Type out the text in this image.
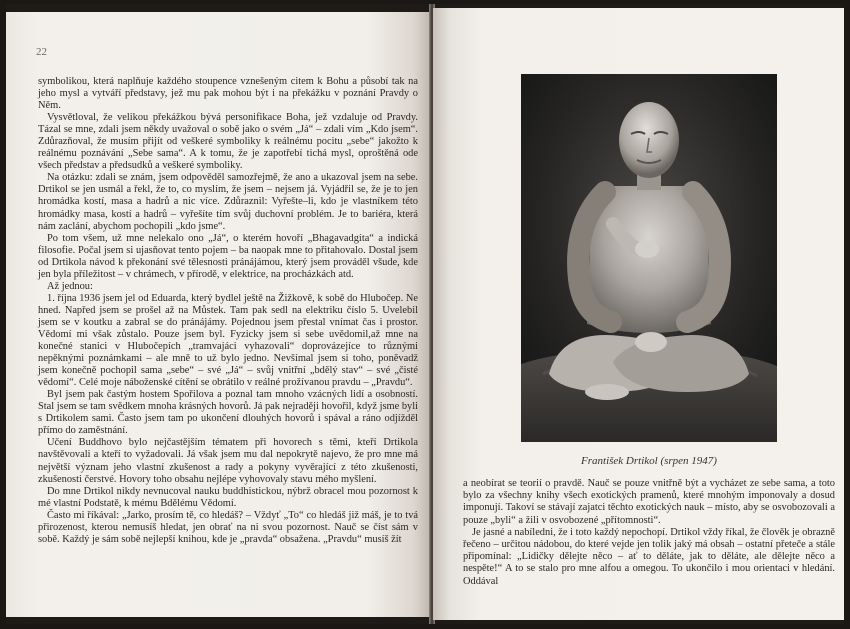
22

symbolikou, která naplňuje každého stoupence vznešeným citem k Bohu a působí tak na jeho mysl a vytváří představy, jež mu pak mohou být i na překážku v poznání Pravdy o Něm.

Vysvětloval, že velikou překážkou bývá personifikace Boha, jež vzdaluje od Pravdy. Tázal se mne, zdali jsem někdy uvažoval o sobě jako o svém „Já“ – zdali vím „Kdo jsem“. Zdůrazňoval, že musím přijít od veškeré symboliky k reálnému pocitu „sebe“ jakožto k reálnému poznávání „Sebe sama“. A k tomu, že je zapotřebí tichá mysl, oproštěná ode všech představ a předsudků a veškeré symboliky.

Na otázku: zdali se znám, jsem odpověděl samozřejmě, že ano a ukazoval jsem na sebe. Drtikol se jen usmál a řekl, že to, co myslím, že jsem – nejsem já. Vyjádřil se, že je to jen hromádka kostí, masa a hadrů a nic více. Zdůraznil: Vyřešte–li, kdo je vlastníkem této hromádky masa, kostí a hadrů – vyřešíte tím svůj duchovní problém. Je to bariéra, která nám zaclání, abychom pochopili „kdo jsme“.

Po tom všem, už mne nelekalo ono „Já“, o kterém hovoří „Bhagavadgíta“ a indická filosofie. Počal jsem si ujasňovat tento pojem – ba naopak mne to přitahovalo. Dostal jsem od Drtikola návod k překonání své tělesnosti pránájámou, který jsem prováděl všude, kde jen byla příležitost – v chrámech, v přírodě, v elektrice, na procházkách atd.

Až jednou:

1. října 1936 jsem jel od Eduarda, který bydlel ještě na Žižkově, k sobě do Hlubočep. Ne hned. Napřed jsem se prošel až na Můstek. Tam pak sedl na elektriku číslo 5. Uvelebil jsem se v koutku a zabral se do pránájámy. Pojednou jsem přestal vnímat čas i prostor. Vědomí mi však zůstalo. Pouze jsem byl. Fyzicky jsem si sebe uvědomil,až mne na konečné stanici v Hlubočepích „tramvajáci vyhazovali“ doprovázejíce to různými nepěknými poznámkami – ale mně to už bylo jedno. Nevšímal jsem si toho, poněvadž jsem konečně pochopil sama „sebe“ – své „Já“ – svůj vnitřní „bdělý stav“ – své „čisté vědomí“. Celé moje náboženské cítění se obrátilo v reálné prožívanou pravdu – „Pravdu“.

Byl jsem pak častým hostem Spořilova a poznal tam mnoho vzácných lidí a osobností. Stal jsem se tam svědkem mnoha krásných hovorů. Já pak nejraději hovořil, když jsme byli s Drtikolem sami. Často jsem tam po ukončení dlouhých hovorů i spával a ráno odjížděl přímo do zaměstnání.

Učení Buddhovo bylo nejčastějším tématem při hovorech s těmi, kteří Drtikola navštěvovali a kteří to vyžadovali. Já však jsem mu dal nepokrytě najevo, že pro mne má největší význam jeho vlastní zkušenost a rady a pokyny vyvěrající z této zkušenosti, zkušenosti čerstvé. Hovory toho obsahu nejlépe vyhovovaly stavu mého myšlení.

Do mne Drtikol nikdy nevnucoval nauku buddhistickou, nýbrž obracel mou pozornost k mé vlastní Podstatě, k mému Bdělému Vědomí.

Často mi říkával: „Jarko, prosím tě, co hledáš? – Vždyť „To“ co hledáš již máš, je to tvá přirozenost, kterou nemusíš hledat, jen obrať na ni svou pozornost. Nauč se číst sám v sobě. Každý je sám sobě nejlepší knihou, kde je „pravda“ obsažena. „Pravdu“ musíš žít

František Drtikol (srpen 1947)

a neobírat se teorií o pravdě. Nauč se pouze vnitřně být a vycházet ze sebe sama, a toto bylo za všechny knihy všech exotických pramenů, které mnohým imponovaly a dosud imponují. Takoví se stávají zajatci těchto exotických nauk – místo, aby se osvobozovali a pouze „byli“ a žili v osvobozené „přítomnosti“.

Je jasné a nabíledni, že i toto každý nepochopí. Drtikol vždy říkal, že člověk je obrazně řečeno – určitou nádobou, do které vejde jen tolik jaký má obsah – ostatní přeteče a stále připomínal: „Lidičky dělejte něco – ať to děláte, jak to děláte, ale dělejte něco a nespěte!“ A to se stalo pro mne alfou a omegou. To ukončilo i mou orientaci v hledání. Oddával
